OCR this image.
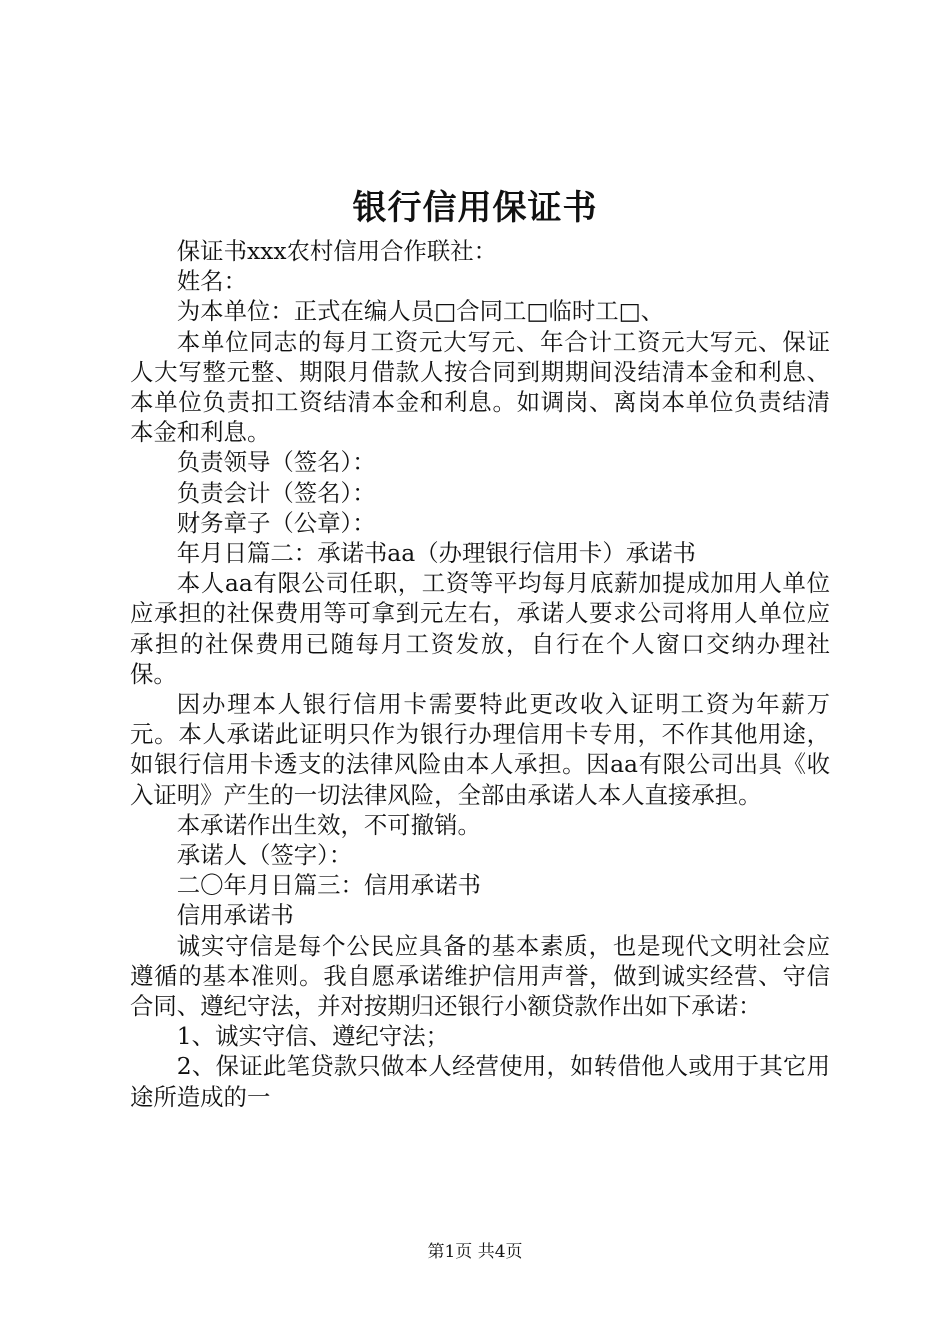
银行信用保证书

保证书xxx农村信用合作联社：

姓名：

为本单位：正式在编人员□合同工□临时工□、

本单位同志的每月工资元大写元、年合计工资元大写元、保证人大写整元整、期限月借款人按合同到期期间没结清本金和利息、本单位负责扣工资结清本金和利息。如调岗、离岗本单位负责结清本金和利息。

负责领导（签名）：

负责会计（签名）：

财务章子（公章）：

年月日篇二：承诺书aa（办理银行信用卡）承诺书

本人aa有限公司任职，工资等平均每月底薪加提成加用人单位应承担的社保费用等可拿到元左右，承诺人要求公司将用人单位应承担的社保费用已随每月工资发放，自行在个人窗口交纳办理社保。

因办理本人银行信用卡需要特此更改收入证明工资为年薪万元。本人承诺此证明只作为银行办理信用卡专用，不作其他用途，如银行信用卡透支的法律风险由本人承担。因aa有限公司出具《收入证明》产生的一切法律风险，全部由承诺人本人直接承担。

本承诺作出生效，不可撤销。

承诺人（签字）：

二〇年月日篇三：信用承诺书

信用承诺书

诚实守信是每个公民应具备的基本素质，也是现代文明社会应遵循的基本准则。我自愿承诺维护信用声誉，做到诚实经营、守信合同、遵纪守法，并对按期归还银行小额贷款作出如下承诺：

1、诚实守信、遵纪守法；

2、保证此笔贷款只做本人经营使用，如转借他人或用于其它用途所造成的一

第1页 共4页
